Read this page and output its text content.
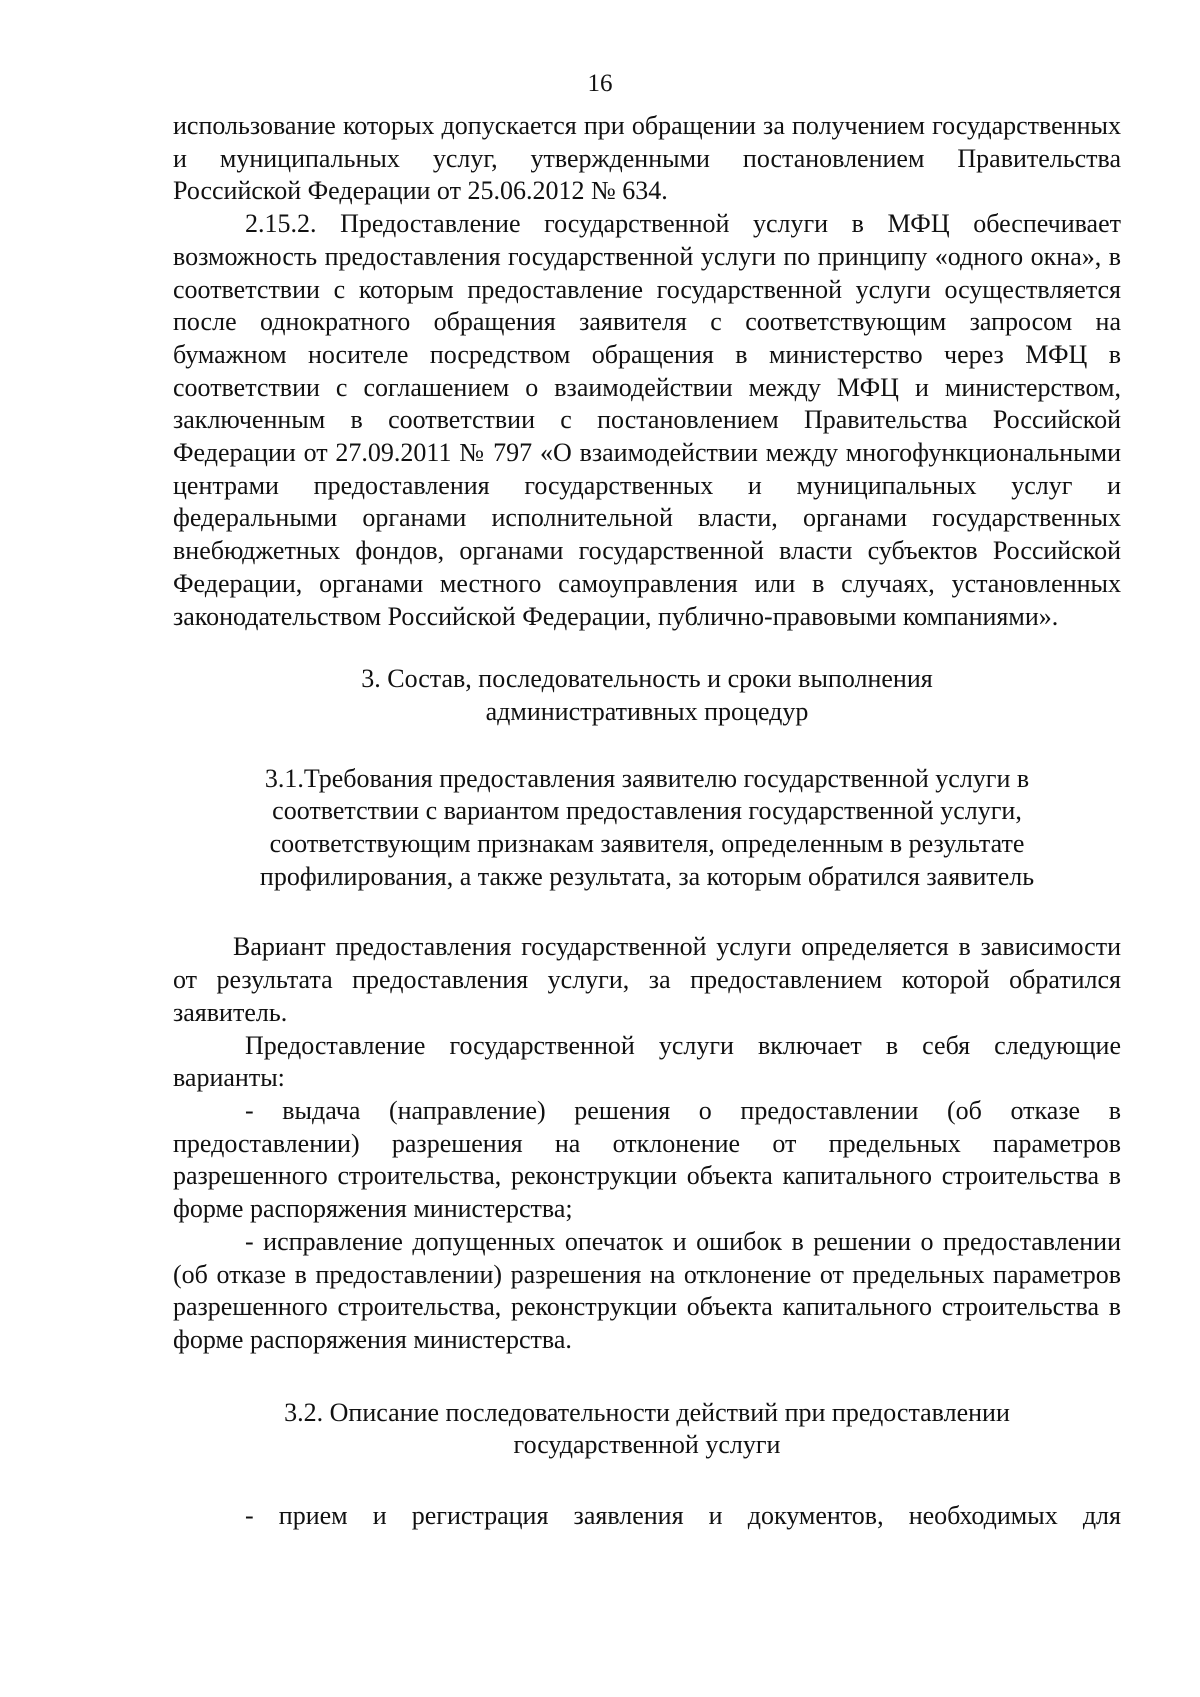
16

использование которых допускается при обращении за получением государственных и муниципальных услуг, утвержденными постановлением Правительства Российской Федерации от 25.06.2012 № 634.

2.15.2. Предоставление государственной услуги в МФЦ обеспечивает возможность предоставления государственной услуги по принципу «одного окна», в соответствии с которым предоставление государственной услуги осуществляется после однократного обращения заявителя с соответствующим запросом на бумажном носителе посредством обращения в министерство через МФЦ в соответствии с соглашением о взаимодействии между МФЦ и министерством, заключенным в соответствии с постановлением Правительства Российской Федерации от 27.09.2011 № 797 «О взаимодействии между многофункциональными центрами предоставления государственных и муниципальных услуг и федеральными органами исполнительной власти, органами государственных внебюджетных фондов, органами государственной власти субъектов Российской Федерации, органами местного самоуправления или в случаях, установленных законодательством Российской Федерации, публично-правовыми компаниями».

3. Состав, последовательность и сроки выполнения

административных процедур

3.1.Требования предоставления заявителю государственной услуги в

соответствии с вариантом предоставления государственной услуги,

соответствующим признакам заявителя, определенным в результате

профилирования, а также результата, за которым обратился заявитель

Вариант предоставления государственной услуги определяется в зависимости от результата предоставления услуги, за предоставлением которой обратился заявитель.

Предоставление государственной услуги включает в себя следующие варианты:

- выдача (направление) решения о предоставлении (об отказе в предоставлении) разрешения на отклонение от предельных параметров разрешенного строительства, реконструкции объекта капитального строительства в форме распоряжения министерства;

- исправление допущенных опечаток и ошибок в решении о предоставлении (об отказе в предоставлении) разрешения на отклонение от предельных параметров разрешенного строительства, реконструкции объекта капитального строительства в форме распоряжения министерства.

3.2. Описание последовательности действий при предоставлении

государственной услуги

- прием и регистрация заявления и документов, необходимых для
